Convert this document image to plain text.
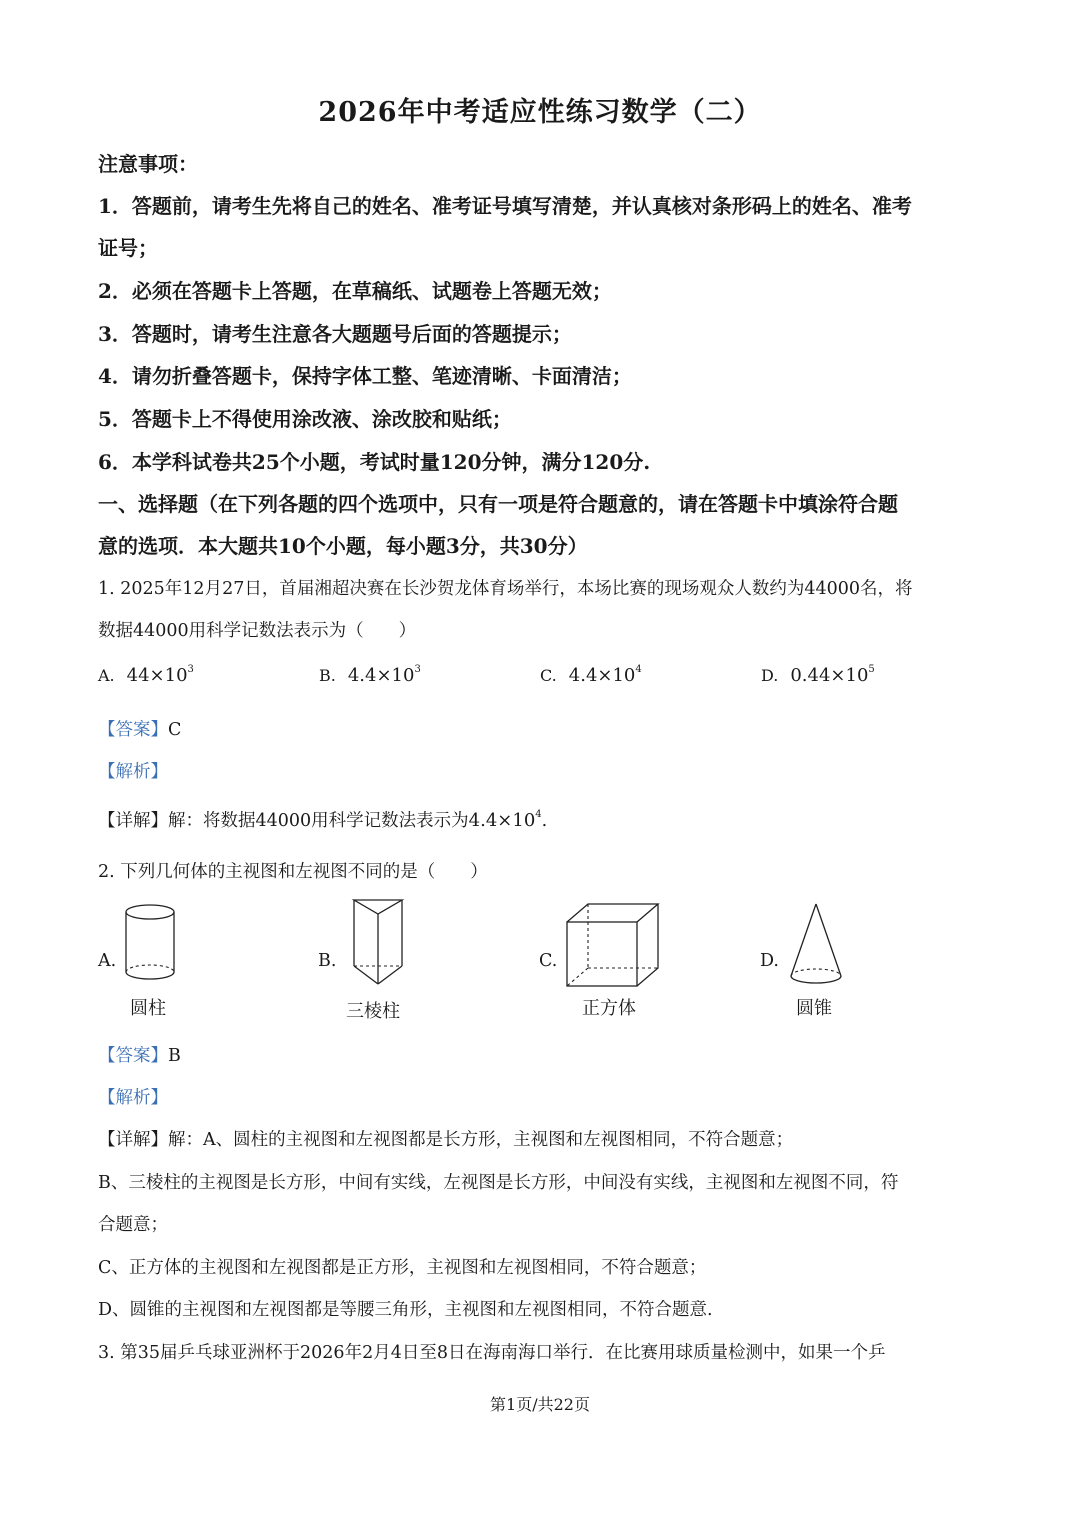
2026年中考适应性练习数学（二）
注意事项：
1．答题前，请考生先将自己的姓名、准考证号填写清楚，并认真核对条形码上的姓名、准考
证号；
2．必须在答题卡上答题，在草稿纸、试题卷上答题无效；
3．答题时，请考生注意各大题题号后面的答题提示；
4．请勿折叠答题卡，保持字体工整、笔迹清晰、卡面清洁；
5．答题卡上不得使用涂改液、涂改胶和贴纸；
6．本学科试卷共25个小题，考试时量120分钟，满分120分.
一、选择题（在下列各题的四个选项中，只有一项是符合题意的，请在答题卡中填涂符合题
意的选项．本大题共10个小题，每小题3分，共30分）
1. 2025年12月27日，首届湘超决赛在长沙贺龙体育场举行，本场比赛的现场观众人数约为44000名，将
数据44000用科学记数法表示为（　　）
A. $44\times 10^3$	B. $4.4\times 10^3$	C. $4.4\times 10^4$	D. $0.44\times 10^5$
【答案】C
【解析】
【详解】解：将数据44000用科学记数法表示为$4.4\times 10^4$.
2. 下列几何体的主视图和左视图不同的是（　　）
A.
圆柱
B.
三棱柱
C.
正方体
D.
圆锥
【答案】B
【解析】
【详解】解：A、圆柱的主视图和左视图都是长方形，主视图和左视图相同，不符合题意；
B、三棱柱的主视图是长方形，中间有实线，左视图是长方形，中间没有实线，主视图和左视图不同，符
合题意；
C、正方体的主视图和左视图都是正方形，主视图和左视图相同，不符合题意；
D、圆锥的主视图和左视图都是等腰三角形，主视图和左视图相同，不符合题意.
3. 第35届乒乓球亚洲杯于2026年2月4日至8日在海南海口举行．在比赛用球质量检测中，如果一个乒
第1页/共22页
